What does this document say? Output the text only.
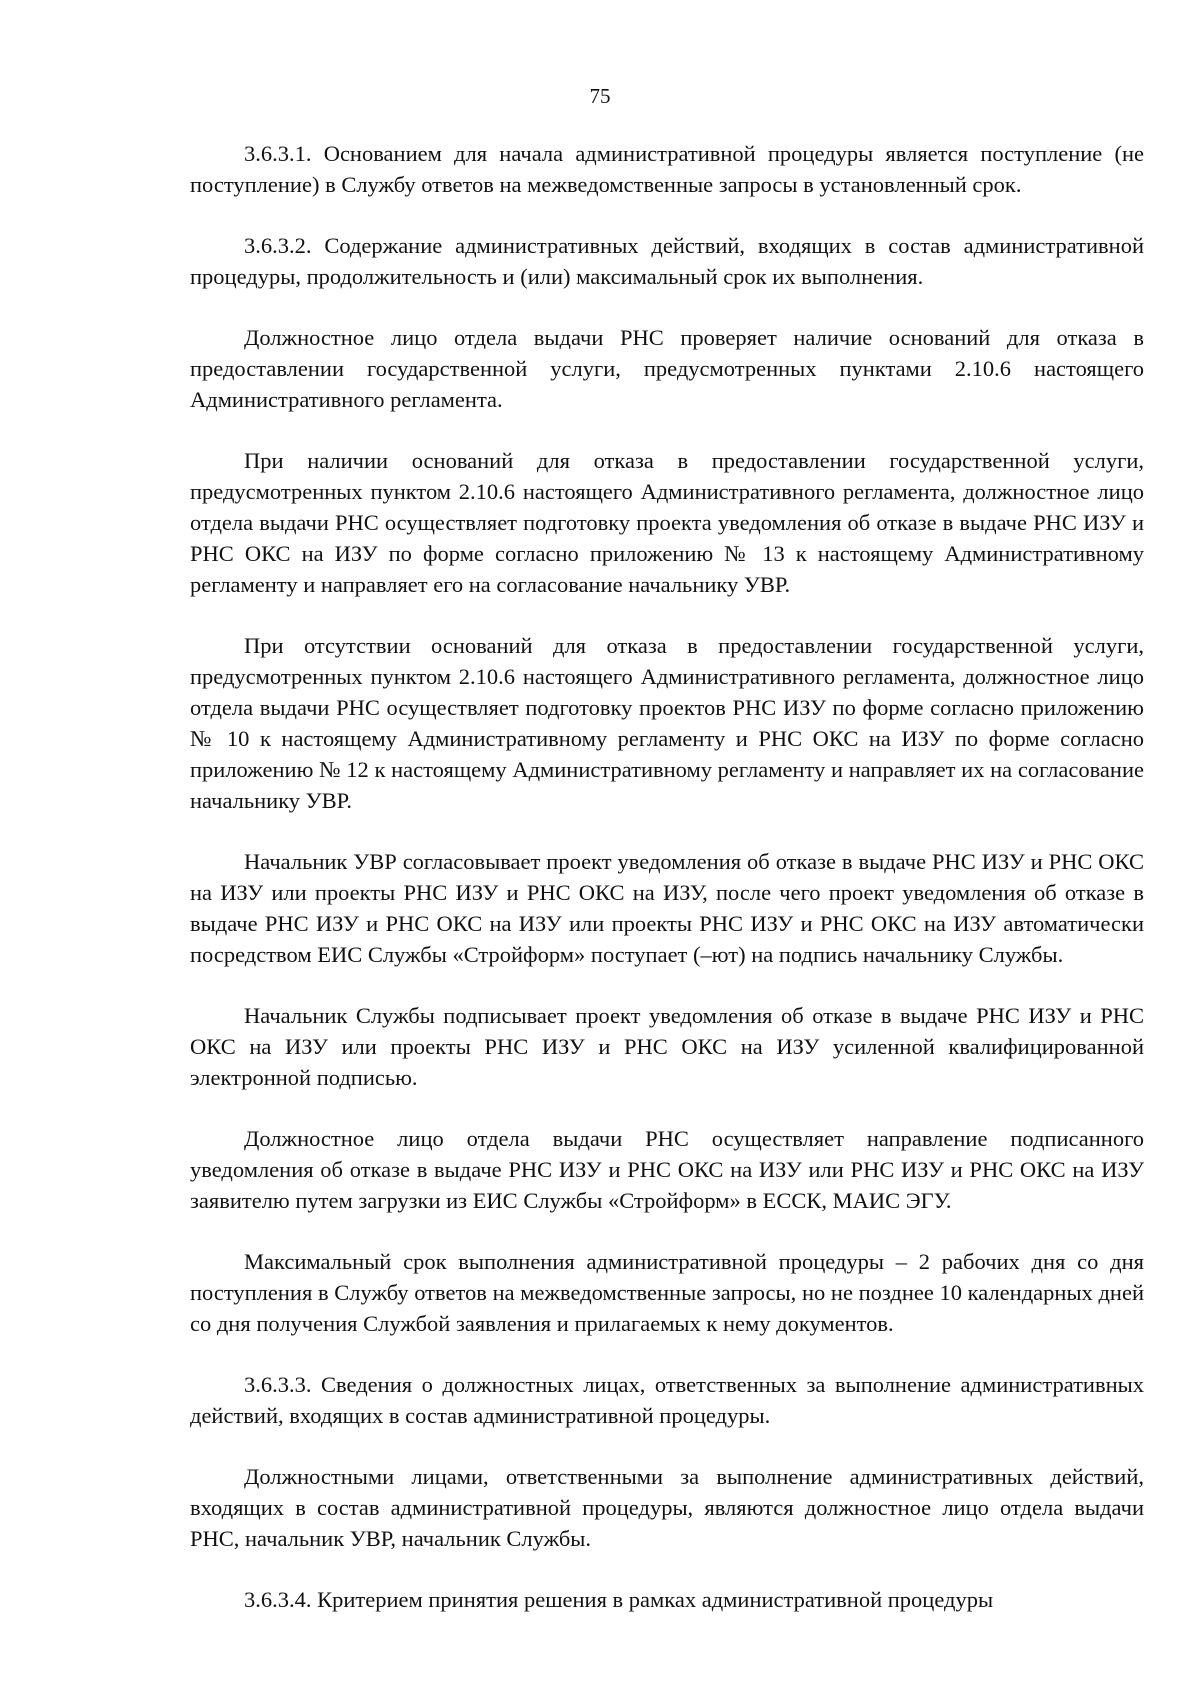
75

3.6.3.1. Основанием для начала административной процедуры является поступление (не поступление) в Службу ответов на межведомственные запросы в установленный срок.

3.6.3.2. Содержание административных действий, входящих в состав административной процедуры, продолжительность и (или) максимальный срок их выполнения.

Должностное лицо отдела выдачи РНС проверяет наличие оснований для отказа в предоставлении государственной услуги, предусмотренных пунктами 2.10.6 настоящего Административного регламента.

При наличии оснований для отказа в предоставлении государственной услуги, предусмотренных пунктом 2.10.6 настоящего Административного регламента, должностное лицо отдела выдачи РНС осуществляет подготовку проекта уведомления об отказе в выдаче РНС ИЗУ и РНС ОКС на ИЗУ по форме согласно приложению № 13 к настоящему Административному регламенту и направляет его на согласование начальнику УВР.

При отсутствии оснований для отказа в предоставлении государственной услуги, предусмотренных пунктом 2.10.6 настоящего Административного регламента, должностное лицо отдела выдачи РНС осуществляет подготовку проектов РНС ИЗУ по форме согласно приложению № 10 к настоящему Административному регламенту и РНС ОКС на ИЗУ по форме согласно приложению № 12 к настоящему Административному регламенту и направляет их на согласование начальнику УВР.

Начальник УВР согласовывает проект уведомления об отказе в выдаче РНС ИЗУ и РНС ОКС на ИЗУ или проекты РНС ИЗУ и РНС ОКС на ИЗУ, после чего проект уведомления об отказе в выдаче РНС ИЗУ и РНС ОКС на ИЗУ или проекты РНС ИЗУ и РНС ОКС на ИЗУ автоматически посредством ЕИС Службы «Стройформ» поступает (–ют) на подпись начальнику Службы.

Начальник Службы подписывает проект уведомления об отказе в выдаче РНС ИЗУ и РНС ОКС на ИЗУ или проекты РНС ИЗУ и РНС ОКС на ИЗУ усиленной квалифицированной электронной подписью.

Должностное лицо отдела выдачи РНС осуществляет направление подписанного уведомления об отказе в выдаче РНС ИЗУ и РНС ОКС на ИЗУ или РНС ИЗУ и РНС ОКС на ИЗУ заявителю путем загрузки из ЕИС Службы «Стройформ» в ЕССК, МАИС ЭГУ.

Максимальный срок выполнения административной процедуры – 2 рабочих дня со дня поступления в Службу ответов на межведомственные запросы, но не позднее 10 календарных дней со дня получения Службой заявления и прилагаемых к нему документов.

3.6.3.3. Сведения о должностных лицах, ответственных за выполнение административных действий, входящих в состав административной процедуры.

Должностными лицами, ответственными за выполнение административных действий, входящих в состав административной процедуры, являются должностное лицо отдела выдачи РНС, начальник УВР, начальник Службы.

3.6.3.4. Критерием принятия решения в рамках административной процедуры
